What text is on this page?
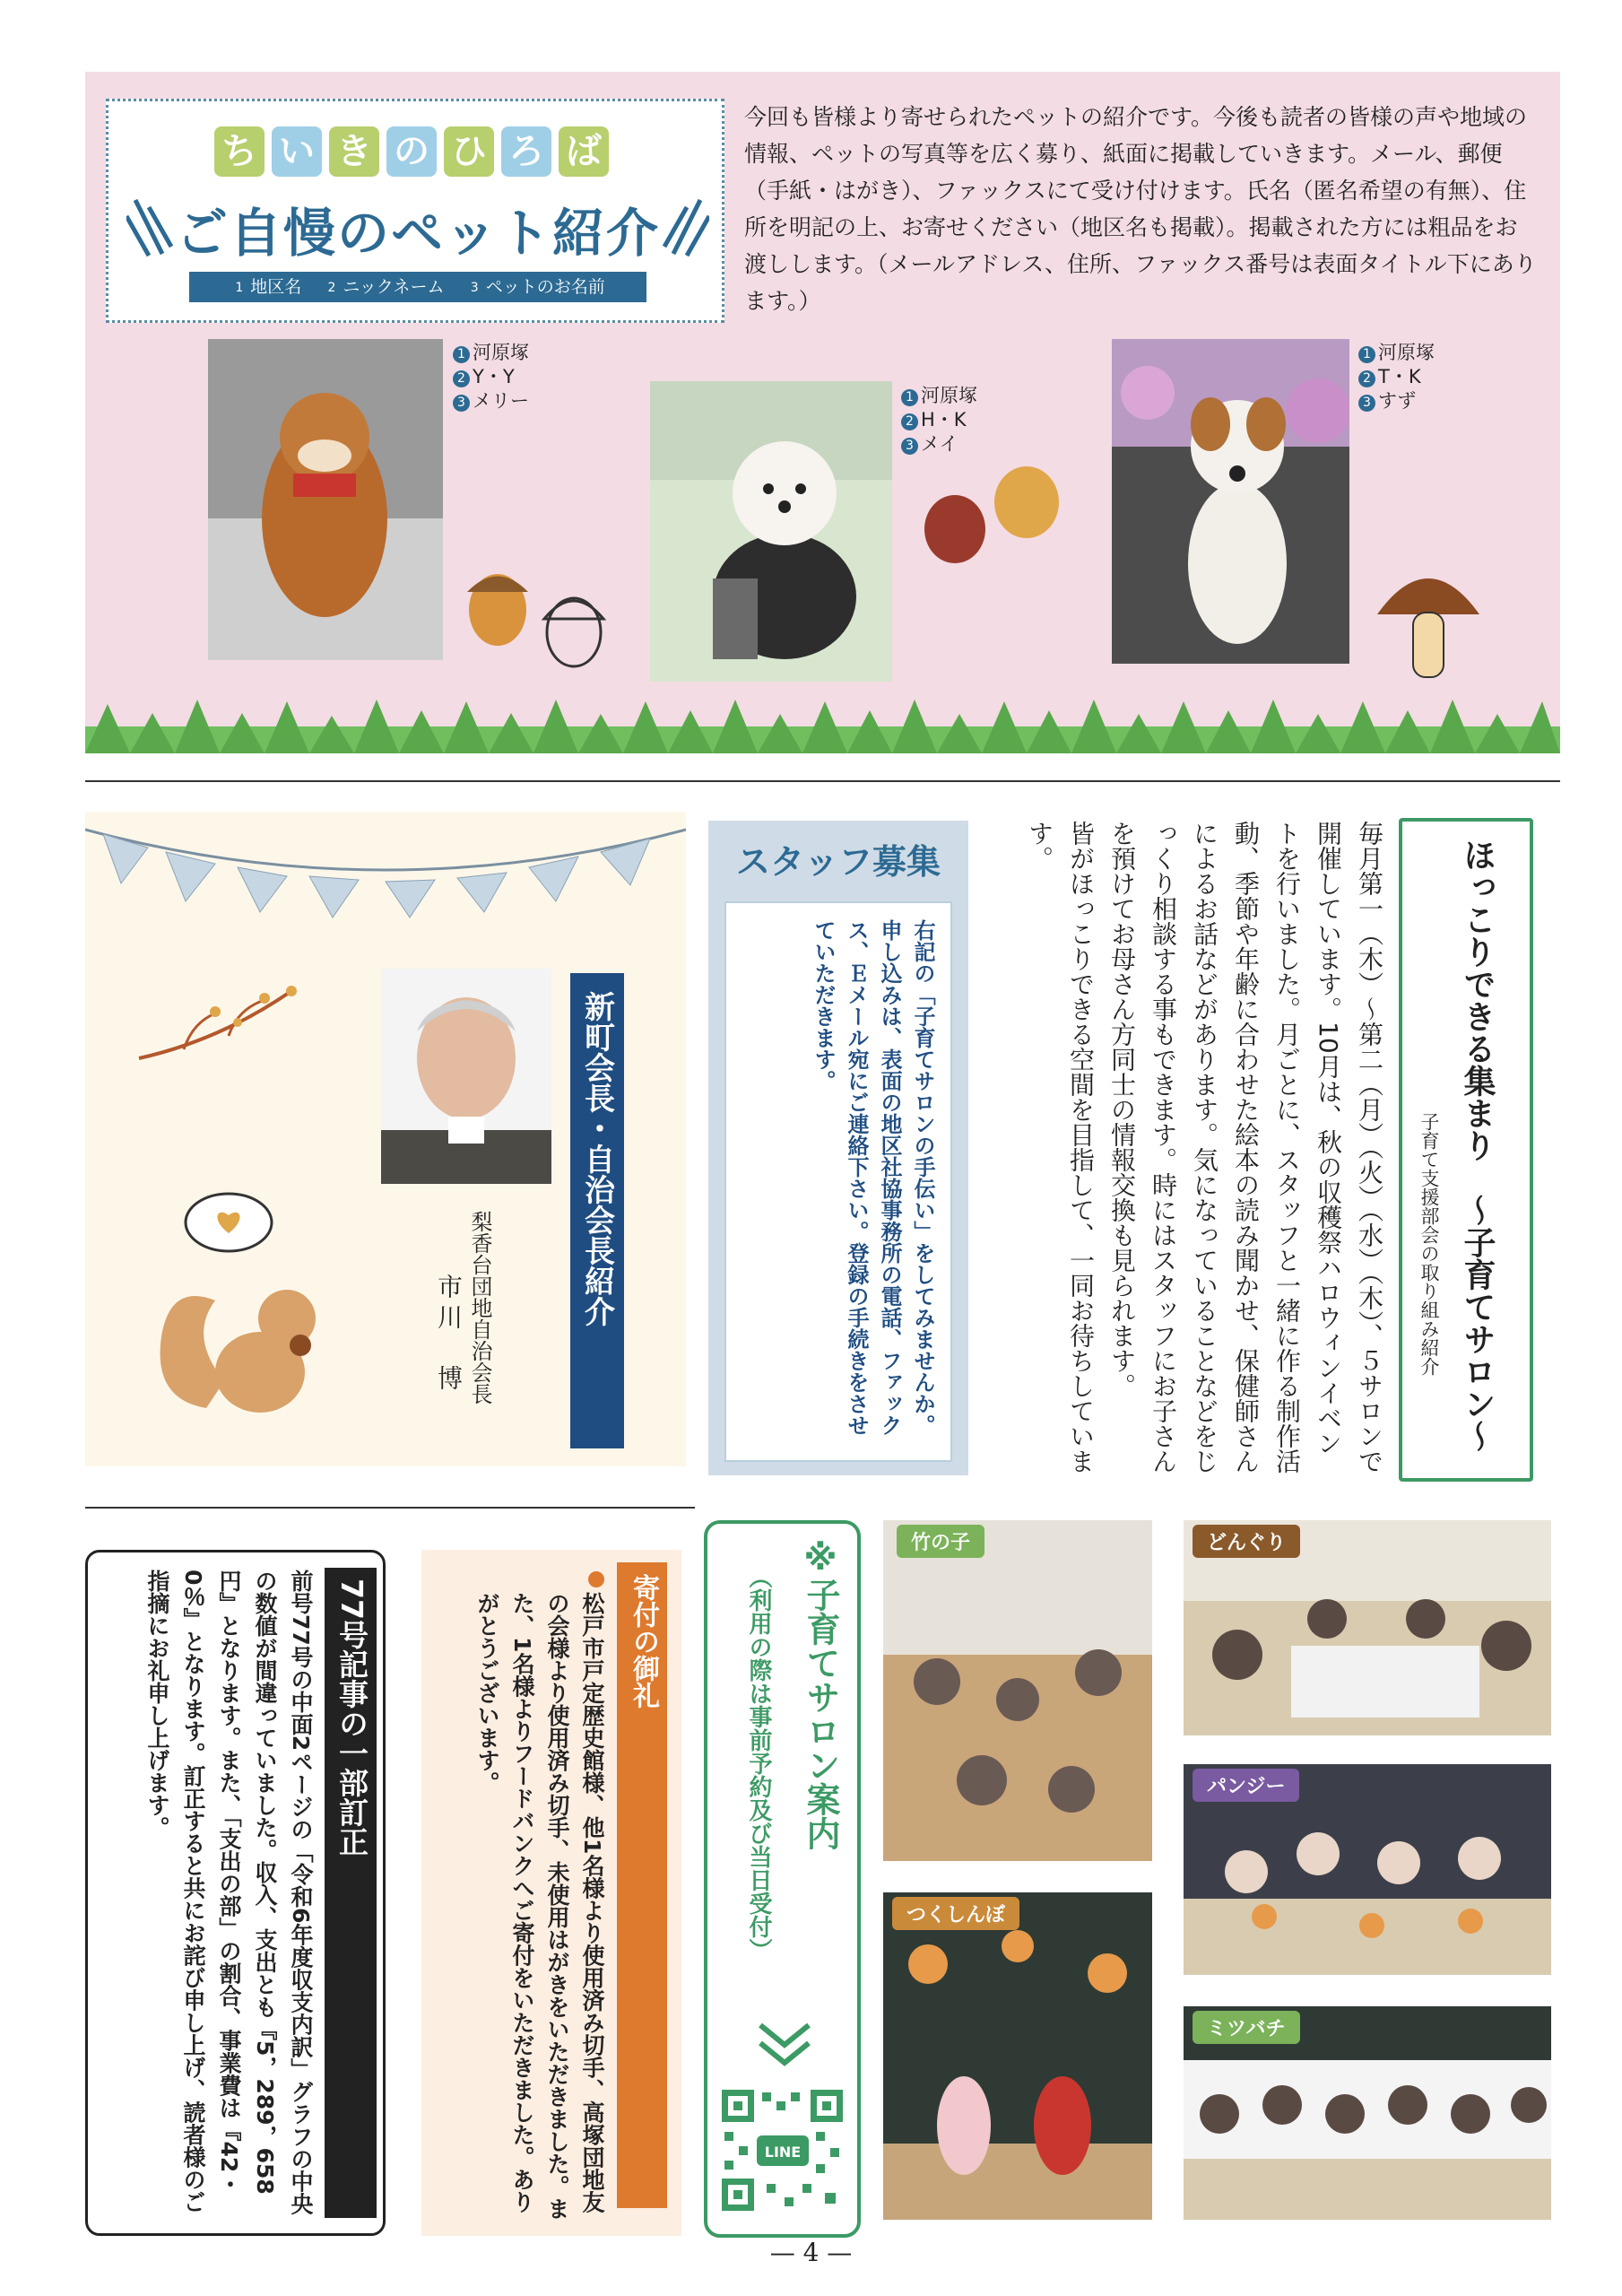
ち い き の ひ ろ ば
ご自慢のペット紹介
1 地区名 2 ニックネーム 3 ペットのお名前
今回も皆様より寄せられたペットの紹介です。今後も読者の皆様の声や地域の情報、ペットの写真等を広く募り、紙面に掲載していきます。メール、郵便（手紙・はがき）、ファックスにて受け付けます。氏名（匿名希望の有無）、住所を明記の上、お寄せください（地区名も掲載）。掲載された方には粗品をお渡しします。（メールアドレス、住所、ファックス番号は表面タイトル下にあります。）
1 河原塚
2 Y・Y
3 メリー	1 河原塚
2 H・K
3 メイ
1 河原塚
2 T・K
3 すず
新町会長・自治会長紹介
梨香台団地自治会長
市川　博
スタッフ募集
右記の「子育てサロンの手伝い」をしてみませんか。申し込みは、表面の地区社協事務所の電話、ファックス、Ｅメール宛にご連絡下さい。登録の手続きをさせていただきます。	毎月第一（木）〜第二（月）（火）（水）（木）、５サロンで開催しています。10月は、秋の収穫祭ハロウィンイベントを行いました。月ごとに、スタッフと一緒に作る制作活動、季節や年齢に合わせた絵本の読み聞かせ、保健師さんによるお話などがあります。気になっていることなどをじっくり相談する事もできます。時にはスタッフにお子さんを預けてお母さん方同士の情報交換も見られます。
皆がほっこりできる空間を目指して、一同お待ちしています。	ほっこりできる集まり　〜子育てサロン〜
子育て支援部会の取り組み紹介
77号記事の一部訂正
前号77号の中面2ページの「令和6年度収支内訳」グラフの中央の数値が間違っていました。収入、支出とも『5，289，658円』となります。また、「支出の部」の割合、事業費は『42・0％』となります。訂正すると共にお詫び申し上げ、読者様のご指摘にお礼申し上げます。	寄付の御礼
松戸市戸定歴史館様、他1名様より使用済み切手、高塚団地友の会様より使用済み切手、未使用はがきをいただきました。また、1名様よりフードバンクへご寄付をいただきました。ありがとうございます。	※子育てサロン案内
（利用の際は事前予約及び当日受付）
LINE
竹の子	どんぐり
パンジー
つくしんぼ
ミツバチ
— 4 —
